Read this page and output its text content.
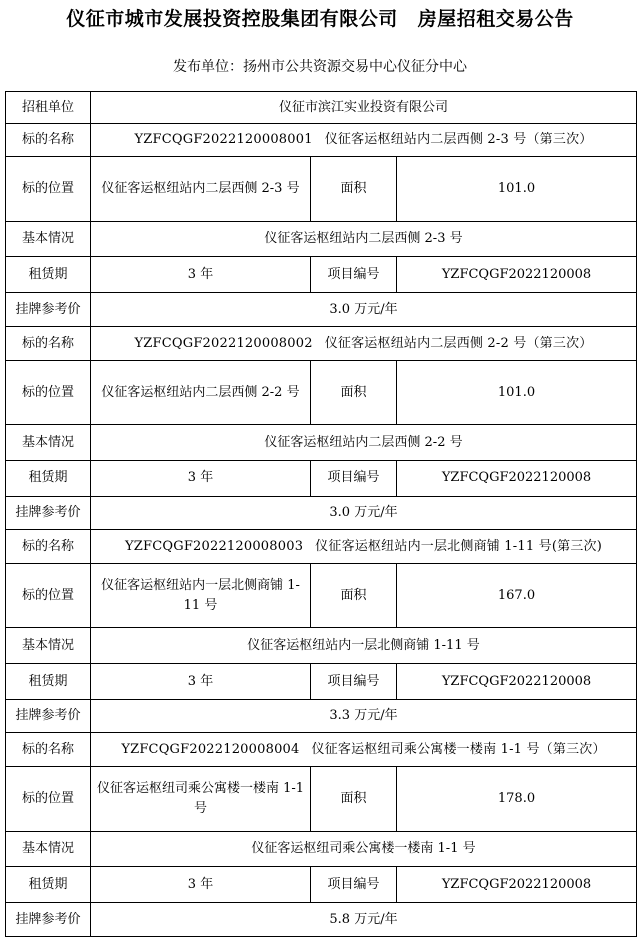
仪征市城市发展投资控股集团有限公司 房屋招租交易公告
发布单位：扬州市公共资源交易中心仪征分中心
招租单位	仪征市滨江实业投资有限公司		
标的名称	YZFCQGF2022120008001 仪征客运枢纽站内二层西侧 2-3 号（第三次）		
标的位置	仪征客运枢纽站内二层西侧 2-3 号	面积	101.0
基本情况	仪征客运枢纽站内二层西侧 2-3 号		
租赁期	3 年	项目编号	YZFCQGF2022120008
挂牌参考价	3.0 万元/年		
标的名称	YZFCQGF2022120008002 仪征客运枢纽站内二层西侧 2-2 号（第三次）		
标的位置	仪征客运枢纽站内二层西侧 2-2 号	面积	101.0
基本情况	仪征客运枢纽站内二层西侧 2-2 号		
租赁期	3 年	项目编号	YZFCQGF2022120008
挂牌参考价	3.0 万元/年		
标的名称	YZFCQGF2022120008003 仪征客运枢纽站内一层北侧商铺 1-11 号(第三次)		
标的位置	仪征客运枢纽站内一层北侧商铺 1-11 号	面积	167.0
基本情况	仪征客运枢纽站内一层北侧商铺 1-11 号		
租赁期	3 年	项目编号	YZFCQGF2022120008
挂牌参考价	3.3 万元/年		
标的名称	YZFCQGF2022120008004 仪征客运枢纽司乘公寓楼一楼南 1-1 号（第三次）		
标的位置	仪征客运枢纽司乘公寓楼一楼南 1-1 号	面积	178.0
基本情况	仪征客运枢纽司乘公寓楼一楼南 1-1 号		
租赁期	3 年	项目编号	YZFCQGF2022120008
挂牌参考价	5.8 万元/年		
